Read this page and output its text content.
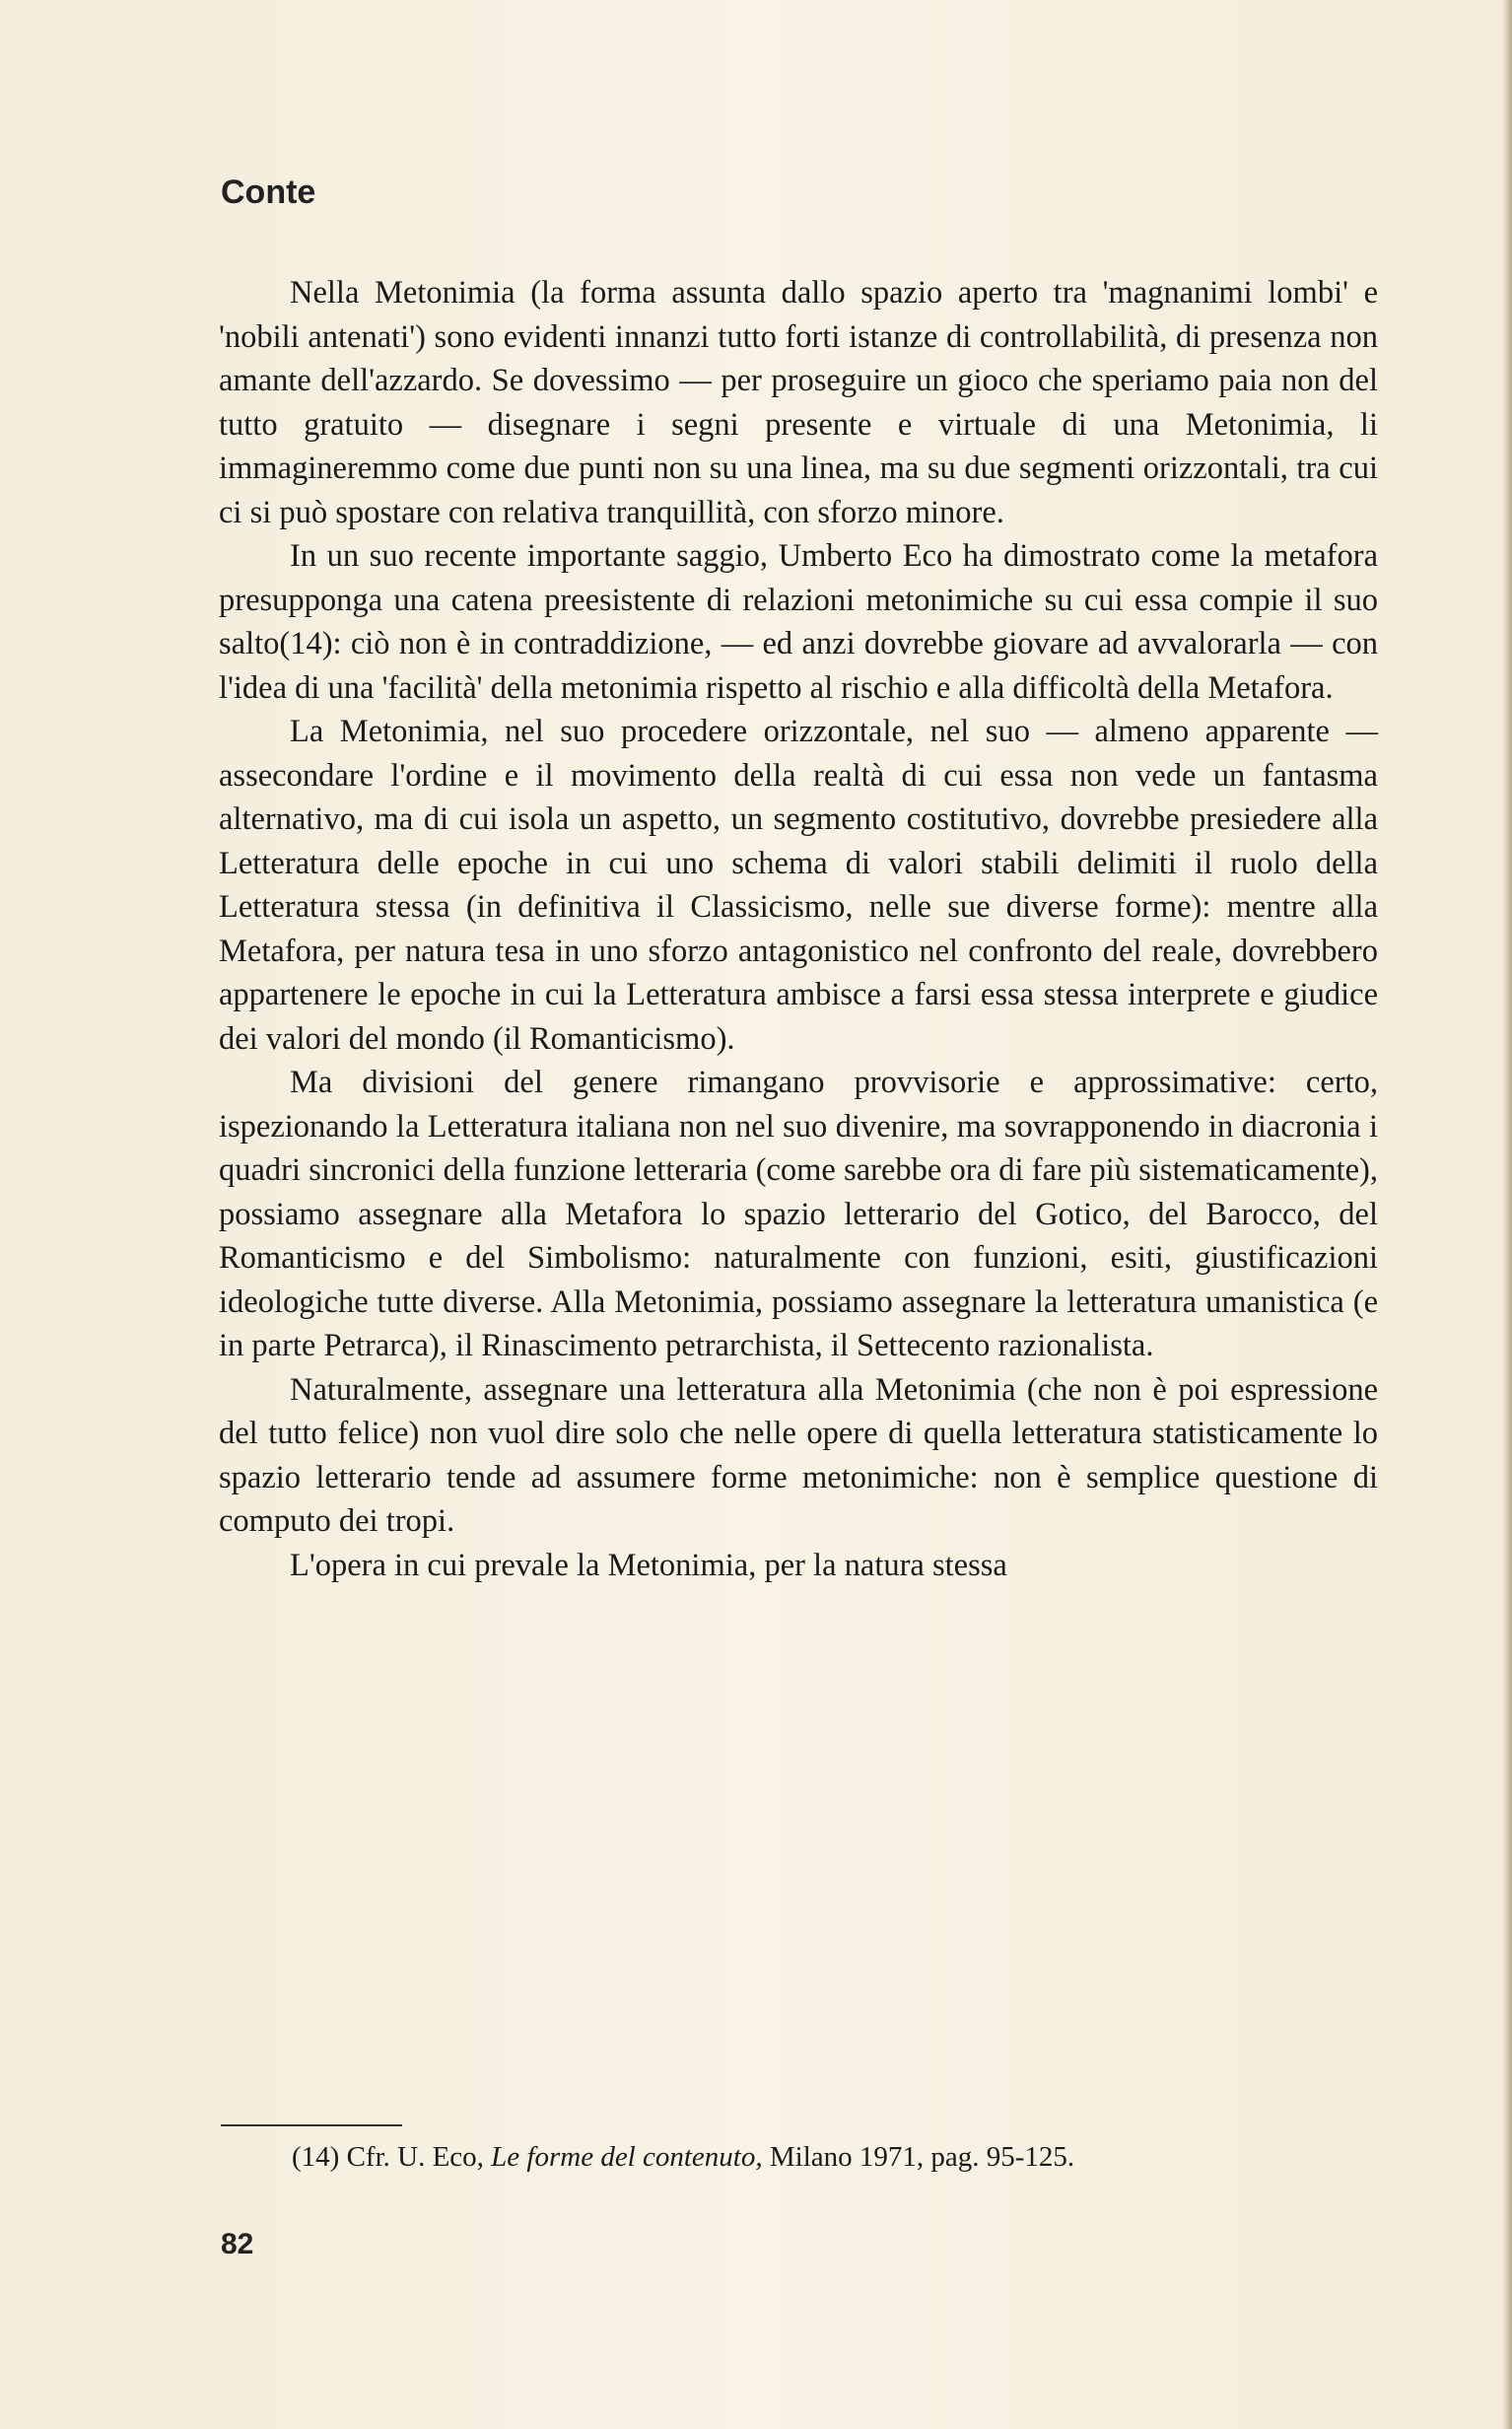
Conte

Nella Metonimia (la forma assunta dallo spazio aperto tra 'magnanimi lombi' e 'nobili antenati') sono evidenti innanzi tutto forti istanze di controllabilità, di presenza non amante dell'azzardo. Se dovessimo — per proseguire un gioco che speriamo paia non del tutto gratuito — disegnare i segni presente e virtuale di una Metonimia, li immagineremmo come due punti non su una linea, ma su due segmenti orizzontali, tra cui ci si può spostare con relativa tranquillità, con sforzo minore.

In un suo recente importante saggio, Umberto Eco ha dimostrato come la metafora presupponga una catena preesistente di relazioni metonimiche su cui essa compie il suo salto(14): ciò non è in contraddizione, — ed anzi dovrebbe giovare ad avvalorarla — con l'idea di una 'facilità' della metonimia rispetto al rischio e alla difficoltà della Metafora.

La Metonimia, nel suo procedere orizzontale, nel suo — almeno apparente — assecondare l'ordine e il movimento della realtà di cui essa non vede un fantasma alternativo, ma di cui isola un aspetto, un segmento costitutivo, dovrebbe presiedere alla Letteratura delle epoche in cui uno schema di valori stabili delimiti il ruolo della Letteratura stessa (in definitiva il Classicismo, nelle sue diverse forme): mentre alla Metafora, per natura tesa in uno sforzo antagonistico nel confronto del reale, dovrebbero appartenere le epoche in cui la Letteratura ambisce a farsi essa stessa interprete e giudice dei valori del mondo (il Romanticismo).

Ma divisioni del genere rimangano provvisorie e approssimative: certo, ispezionando la Letteratura italiana non nel suo divenire, ma sovrapponendo in diacronia i quadri sincronici della funzione letteraria (come sarebbe ora di fare più sistematicamente), possiamo assegnare alla Metafora lo spazio letterario del Gotico, del Barocco, del Romanticismo e del Simbolismo: naturalmente con funzioni, esiti, giustificazioni ideologiche tutte diverse. Alla Metonimia, possiamo assegnare la letteratura umanistica (e in parte Petrarca), il Rinascimento petrarchista, il Settecento razionalista.

Naturalmente, assegnare una letteratura alla Metonimia (che non è poi espressione del tutto felice) non vuol dire solo che nelle opere di quella letteratura statisticamente lo spazio letterario tende ad assumere forme metonimiche: non è semplice questione di computo dei tropi.

L'opera in cui prevale la Metonimia, per la natura stessa

(14) Cfr. U. Eco, Le forme del contenuto, Milano 1971, pag. 95-125.
82
